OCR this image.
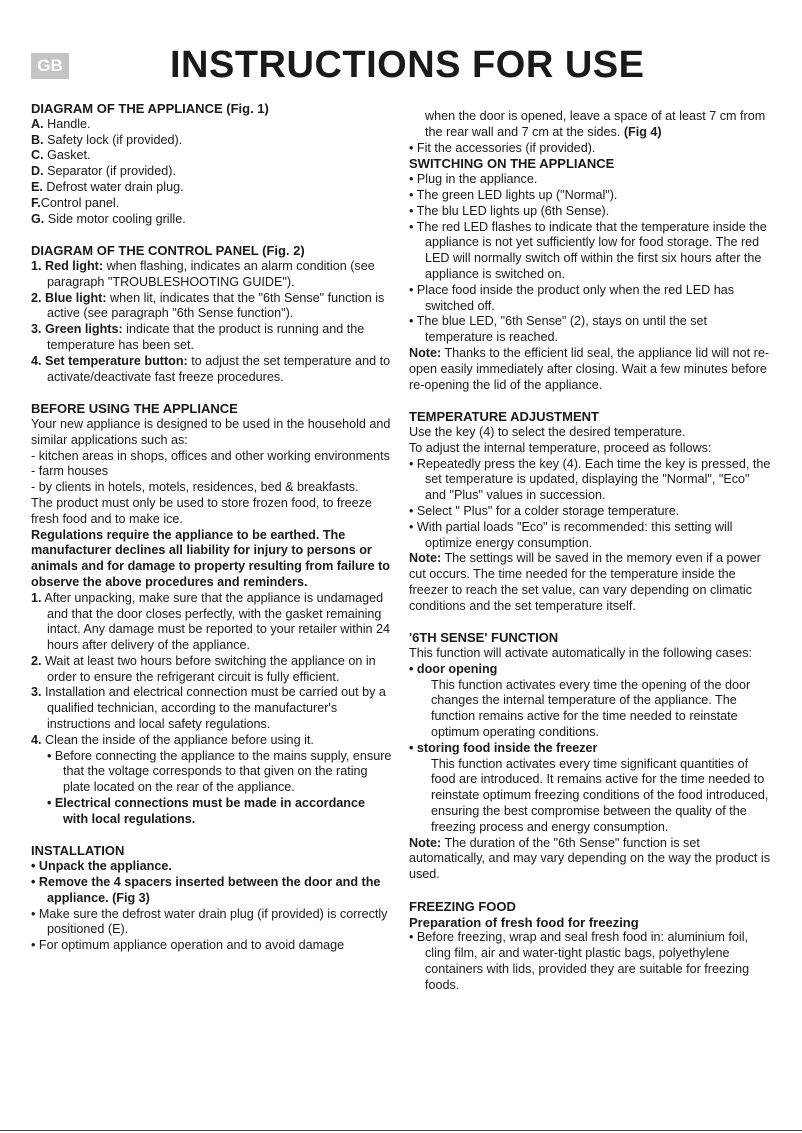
GB	INSTRUCTIONS FOR USE
DIAGRAM OF THE APPLIANCE (Fig. 1)
A. Handle.
B. Safety lock (if provided).
C. Gasket.
D. Separator (if provided).
E. Defrost water drain plug.
F.Control panel.
G. Side motor cooling grille.
DIAGRAM OF THE CONTROL PANEL (Fig. 2)
1. Red light: when flashing, indicates an alarm condition (see paragraph "TROUBLESHOOTING GUIDE").
2. Blue light: when lit, indicates that the "6th Sense" function is active (see paragraph "6th Sense function").
3. Green lights: indicate that the product is running and the temperature has been set.
4. Set temperature button: to adjust the set temperature and to activate/deactivate fast freeze procedures.
BEFORE USING THE APPLIANCE
Your new appliance is designed to be used in the household and similar applications such as:
- kitchen areas in shops, offices and other working environments
- farm houses
- by clients in hotels, motels, residences, bed & breakfasts.
The product must only be used to store frozen food, to freeze fresh food and to make ice.
Regulations require the appliance to be earthed. The manufacturer declines all liability for injury to persons or animals and for damage to property resulting from failure to observe the above procedures and reminders.
1. After unpacking, make sure that the appliance is undamaged and that the door closes perfectly, with the gasket remaining intact. Any damage must be reported to your retailer within 24 hours after delivery of the appliance.
2. Wait at least two hours before switching the appliance on in order to ensure the refrigerant circuit is fully efficient.
3. Installation and electrical connection must be carried out by a qualified technician, according to the manufacturer's instructions and local safety regulations.
4. Clean the inside of the appliance before using it.
• Before connecting the appliance to the mains supply, ensure that the voltage corresponds to that given on the rating plate located on the rear of the appliance.
• Electrical connections must be made in accordance with local regulations.
INSTALLATION
• Unpack the appliance.
• Remove the 4 spacers inserted between the door and the appliance. (Fig 3)
• Make sure the defrost water drain plug (if provided) is correctly positioned (E).
• For optimum appliance operation and to avoid damage
when the door is opened, leave a space of at least 7 cm from the rear wall and 7 cm at the sides. (Fig 4)
• Fit the accessories (if provided).
SWITCHING ON THE APPLIANCE
• Plug in the appliance.
• The green LED lights up ("Normal").
• The blu LED lights up (6th Sense).
• The red LED flashes to indicate that the temperature inside the appliance is not yet sufficiently low for food storage. The red LED will normally switch off within the first six hours after the appliance is switched on.
• Place food inside the product only when the red LED has switched off.
• The blue LED, "6th Sense" (2), stays on until the set temperature is reached.
Note: Thanks to the efficient lid seal, the appliance lid will not re-open easily immediately after closing. Wait a few minutes before re-opening the lid of the appliance.
TEMPERATURE ADJUSTMENT
Use the key (4) to select the desired temperature.
To adjust the internal temperature, proceed as follows:
• Repeatedly press the key (4). Each time the key is pressed, the set temperature is updated, displaying the "Normal", "Eco" and "Plus" values in succession.
• Select " Plus" for a colder storage temperature.
• With partial loads "Eco" is recommended: this setting will optimize energy consumption.
Note: The settings will be saved in the memory even if a power cut occurs. The time needed for the temperature inside the freezer to reach the set value, can vary depending on climatic conditions and the set temperature itself.
'6TH SENSE' FUNCTION
This function will activate automatically in the following cases:
• door opening
This function activates every time the opening of the door changes the internal temperature of the appliance. The function remains active for the time needed to reinstate optimum operating conditions.
• storing food inside the freezer
This function activates every time significant quantities of food are introduced. It remains active for the time needed to reinstate optimum freezing conditions of the food introduced, ensuring the best compromise between the quality of the freezing process and energy consumption.
Note: The duration of the "6th Sense" function is set automatically, and may vary depending on the way the product is used.
FREEZING FOOD
Preparation of fresh food for freezing
• Before freezing, wrap and seal fresh food in: aluminium foil, cling film, air and water-tight plastic bags, polyethylene containers with lids, provided they are suitable for freezing foods.
